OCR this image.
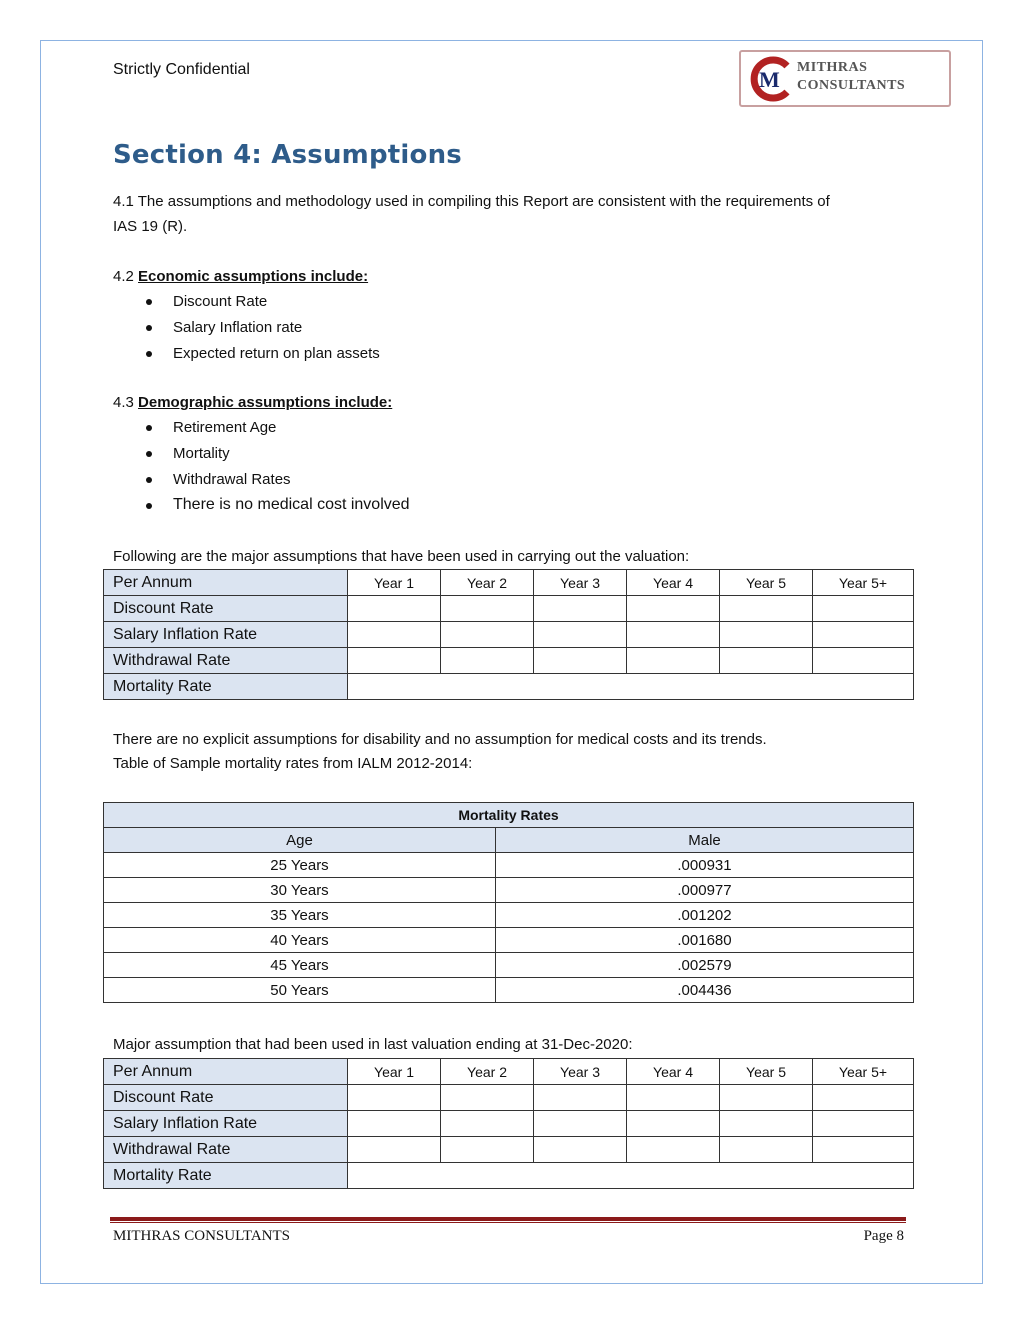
Strictly Confidential	M MITHRAS
CONSULTANTS
Section 4: Assumptions
4.1 The assumptions and methodology used in compiling this Report are consistent with the requirements of
IAS 19 (R).
4.2 Economic assumptions include:
Discount Rate
Salary Inflation rate
Expected return on plan assets
4.3 Demographic assumptions include:
Retirement Age
Mortality
Withdrawal Rates
There is no medical cost involved
Following are the major assumptions that have been used in carrying out the valuation:
Per Annum	Year 1	Year 2	Year 3	Year 4	Year 5	Year 5+
Discount Rate						
Salary Inflation Rate						
Withdrawal Rate						
Mortality Rate						
There are no explicit assumptions for disability and no assumption for medical costs and its trends.
Table of Sample mortality rates from IALM 2012-2014:
Mortality Rates	
Age	Male
25 Years	.000931
30 Years	.000977
35 Years	.001202
40 Years	.001680
45 Years	.002579
50 Years	.004436
Major assumption that had been used in last valuation ending at 31-Dec-2020:
Per Annum	Year 1	Year 2	Year 3	Year 4	Year 5	Year 5+
Discount Rate						
Salary Inflation Rate						
Withdrawal Rate						
Mortality Rate						
MITHRAS CONSULTANTS	Page 8
